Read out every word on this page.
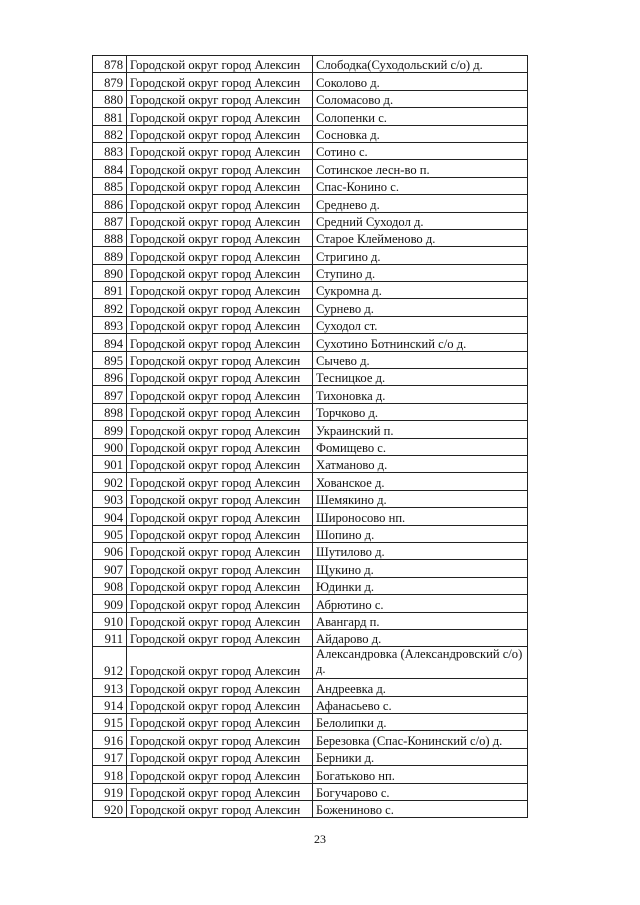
878	Городской округ город Алексин	Слободка(Суходольский с/о) д.
879	Городской округ город Алексин	Соколово д.
880	Городской округ город Алексин	Соломасово д.
881	Городской округ город Алексин	Солопенки с.
882	Городской округ город Алексин	Сосновка д.
883	Городской округ город Алексин	Сотино с.
884	Городской округ город Алексин	Сотинское лесн-во п.
885	Городской округ город Алексин	Спас-Конино с.
886	Городской округ город Алексин	Среднево д.
887	Городской округ город Алексин	Средний Суходол д.
888	Городской округ город Алексин	Старое Клейменово д.
889	Городской округ город Алексин	Стригино д.
890	Городской округ город Алексин	Ступино д.
891	Городской округ город Алексин	Сукромна д.
892	Городской округ город Алексин	Сурнево д.
893	Городской округ город Алексин	Суходол ст.
894	Городской округ город Алексин	Сухотино Ботнинский с/о д.
895	Городской округ город Алексин	Сычево д.
896	Городской округ город Алексин	Тесницкое д.
897	Городской округ город Алексин	Тихоновка д.
898	Городской округ город Алексин	Торчково д.
899	Городской округ город Алексин	Украинский п.
900	Городской округ город Алексин	Фомищево с.
901	Городской округ город Алексин	Хатманово д.
902	Городской округ город Алексин	Хованское д.
903	Городской округ город Алексин	Шемякино д.
904	Городской округ город Алексин	Широносово нп.
905	Городской округ город Алексин	Шопино д.
906	Городской округ город Алексин	Шутилово д.
907	Городской округ город Алексин	Щукино д.
908	Городской округ город Алексин	Юдинки д.
909	Городской округ город Алексин	Абрютино с.
910	Городской округ город Алексин	Авангард п.
911	Городской округ город Алексин	Айдарово д.
912	Городской округ город Алексин	Александровка (Александровский с/о) д.
913	Городской округ город Алексин	Андреевка д.
914	Городской округ город Алексин	Афанасьево с.
915	Городской округ город Алексин	Белолипки д.
916	Городской округ город Алексин	Березовка (Спас-Конинский с/о) д.
917	Городской округ город Алексин	Берники д.
918	Городской округ город Алексин	Богатьково нп.
919	Городской округ город Алексин	Богучарово с.
920	Городской округ город Алексин	Божениново с.
23
